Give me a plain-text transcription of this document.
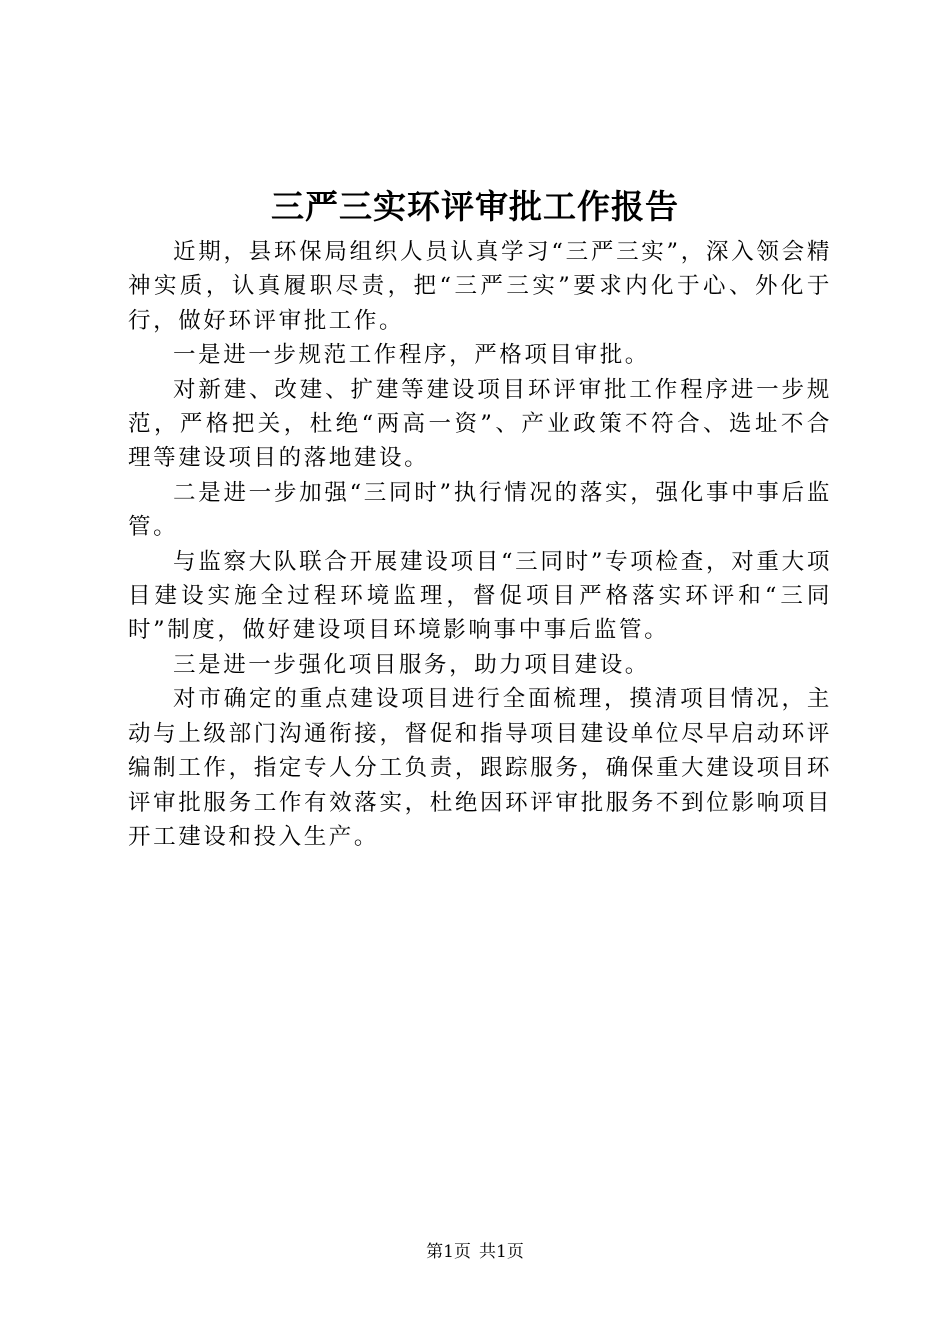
三严三实环评审批工作报告

近期，县环保局组织人员认真学习“三严三实”，深入领会精神实质，认真履职尽责，把“三严三实”要求内化于心、外化于行，做好环评审批工作。

一是进一步规范工作程序，严格项目审批。

对新建、改建、扩建等建设项目环评审批工作程序进一步规范，严格把关，杜绝“两高一资”、产业政策不符合、选址不合理等建设项目的落地建设。

二是进一步加强“三同时”执行情况的落实，强化事中事后监管。

与监察大队联合开展建设项目“三同时”专项检查，对重大项目建设实施全过程环境监理，督促项目严格落实环评和“三同时”制度，做好建设项目环境影响事中事后监管。

三是进一步强化项目服务，助力项目建设。

对市确定的重点建设项目进行全面梳理，摸清项目情况，主动与上级部门沟通衔接，督促和指导项目建设单位尽早启动环评编制工作，指定专人分工负责，跟踪服务，确保重大建设项目环评审批服务工作有效落实，杜绝因环评审批服务不到位影响项目开工建设和投入生产。

第1页 共1页
